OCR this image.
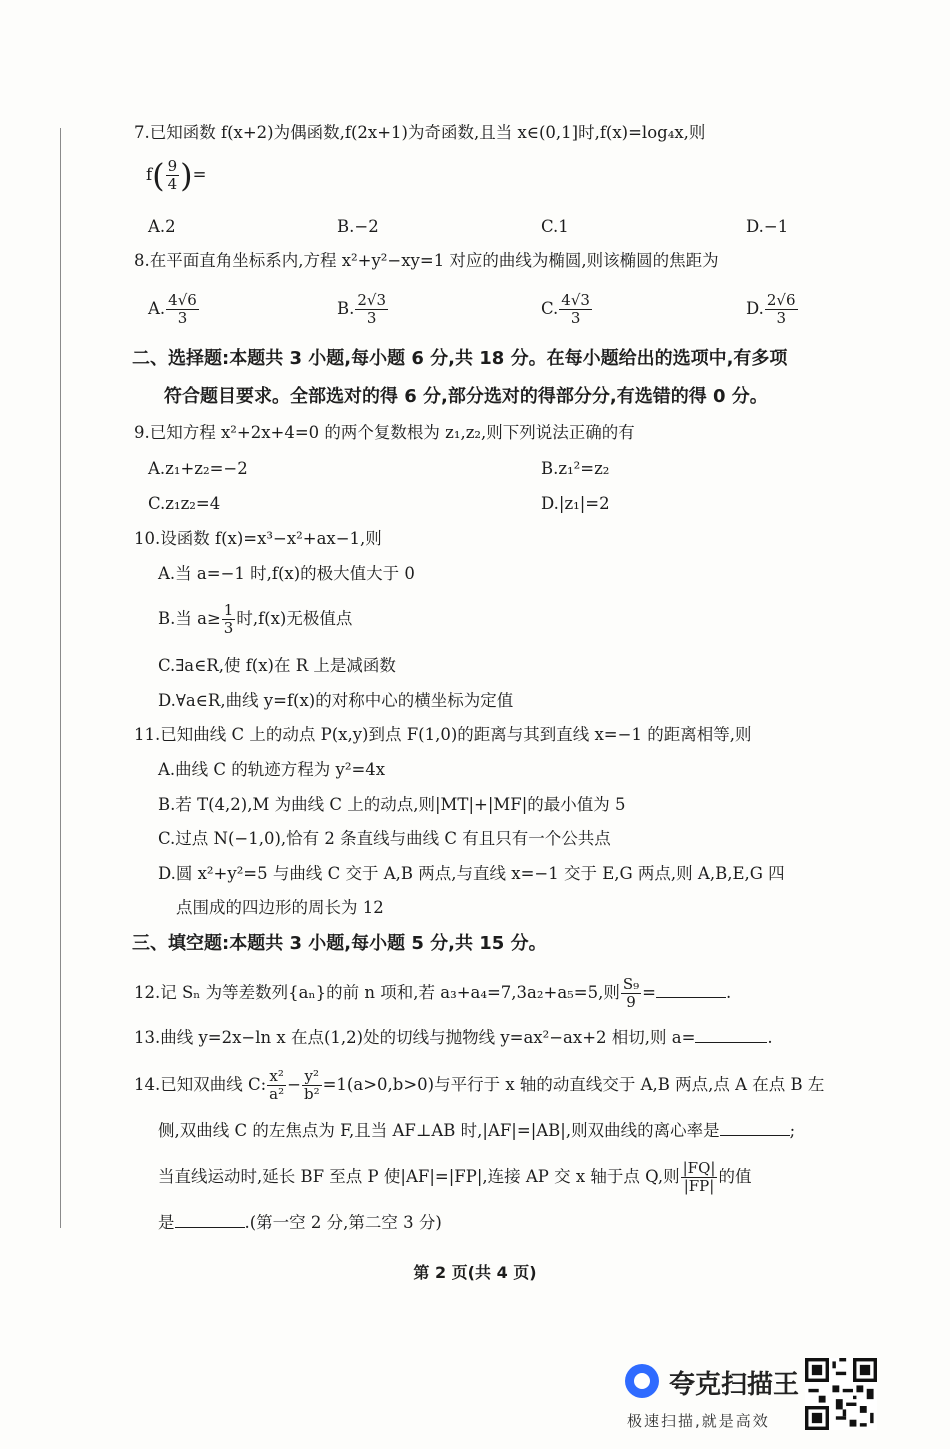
7.已知函数 f(x+2)为偶函数,f(2x+1)为奇函数,且当 x∈(0,1]时,f(x)=log₄x,则
$f( \frac{9}{4}$ )=
A.2	B.−2	C.1	D.−1
8.在平面直角坐标系内,方程 x²+y²−xy=1 对应的曲线为椭圆,则该椭圆的焦距为
A. $\frac{4√6}{3}$	B. $\frac{2√3}{3}$	C. $\frac{4√3}{3}$	D. $\frac{2√6}{3}$
二、选择题:本题共 3 小题,每小题 6 分,共 18 分。在每小题给出的选项中,有多项
符合题目要求。全部选对的得 6 分,部分选对的得部分分,有选错的得 0 分。
9.已知方程 x²+2x+4=0 的两个复数根为 z₁,z₂,则下列说法正确的有
A.z₁+z₂=−2	B.z₁²=z₂
C.z₁z₂=4	D.|z₁|=2
10.设函数 f(x)=x³−x²+ax−1,则
A.当 a=−1 时,f(x)的极大值大于 0
B.当 $a\ge \frac{1}{3}$ 时,f(x)无极值点
C.∃a∈R,使 f(x)在 R 上是减函数
D.∀a∈R,曲线 y=f(x)的对称中心的横坐标为定值
11.已知曲线 C 上的动点 P(x,y)到点 F(1,0)的距离与其到直线 x=−1 的距离相等,则
A.曲线 C 的轨迹方程为 y²=4x
B.若 T(4,2),M 为曲线 C 上的动点,则|MT|+|MF|的最小值为 5
C.过点 N(−1,0),恰有 2 条直线与曲线 C 有且只有一个公共点
D.圆 x²+y²=5 与曲线 C 交于 A,B 两点,与直线 x=−1 交于 E,G 两点,则 A,B,E,G 四
点围成的四边形的周长为 12
三、填空题:本题共 3 小题,每小题 5 分,共 15 分。
12.记 Sₙ 为等差数列{aₙ}的前 n 项和,若 a₃+a₄=7,3a₂+a₅=5,则 $\frac{\text{S₉}}{9}$ =	.
13.曲线 y=2x−ln x 在点(1,2)处的切线与抛物线 y=ax²−ax+2 相切,则 a=	.
14.已知双曲线 C: $\frac{\text{x²}}{\text{a²}} - \frac{\text{y²}}{\text{b²}} =1(a>0,b>0)$与平行于 x 轴的动直线交于 A,B 两点,点 A 在点 B 左
侧,双曲线 C 的左焦点为 F,且当 AF⊥AB 时,|AF|=|AB|,则双曲线的离心率是	;
当直线运动时,延长 BF 至点 P 使|AF|=|FP|,连接 AP 交 x 轴于点 Q,则 $\frac{|FQ|}{|FP|}$ 的值
是	.(第一空 2 分,第二空 3 分)
第 2 页(共 4 页)
夸克扫描王
极速扫描,就是高效
